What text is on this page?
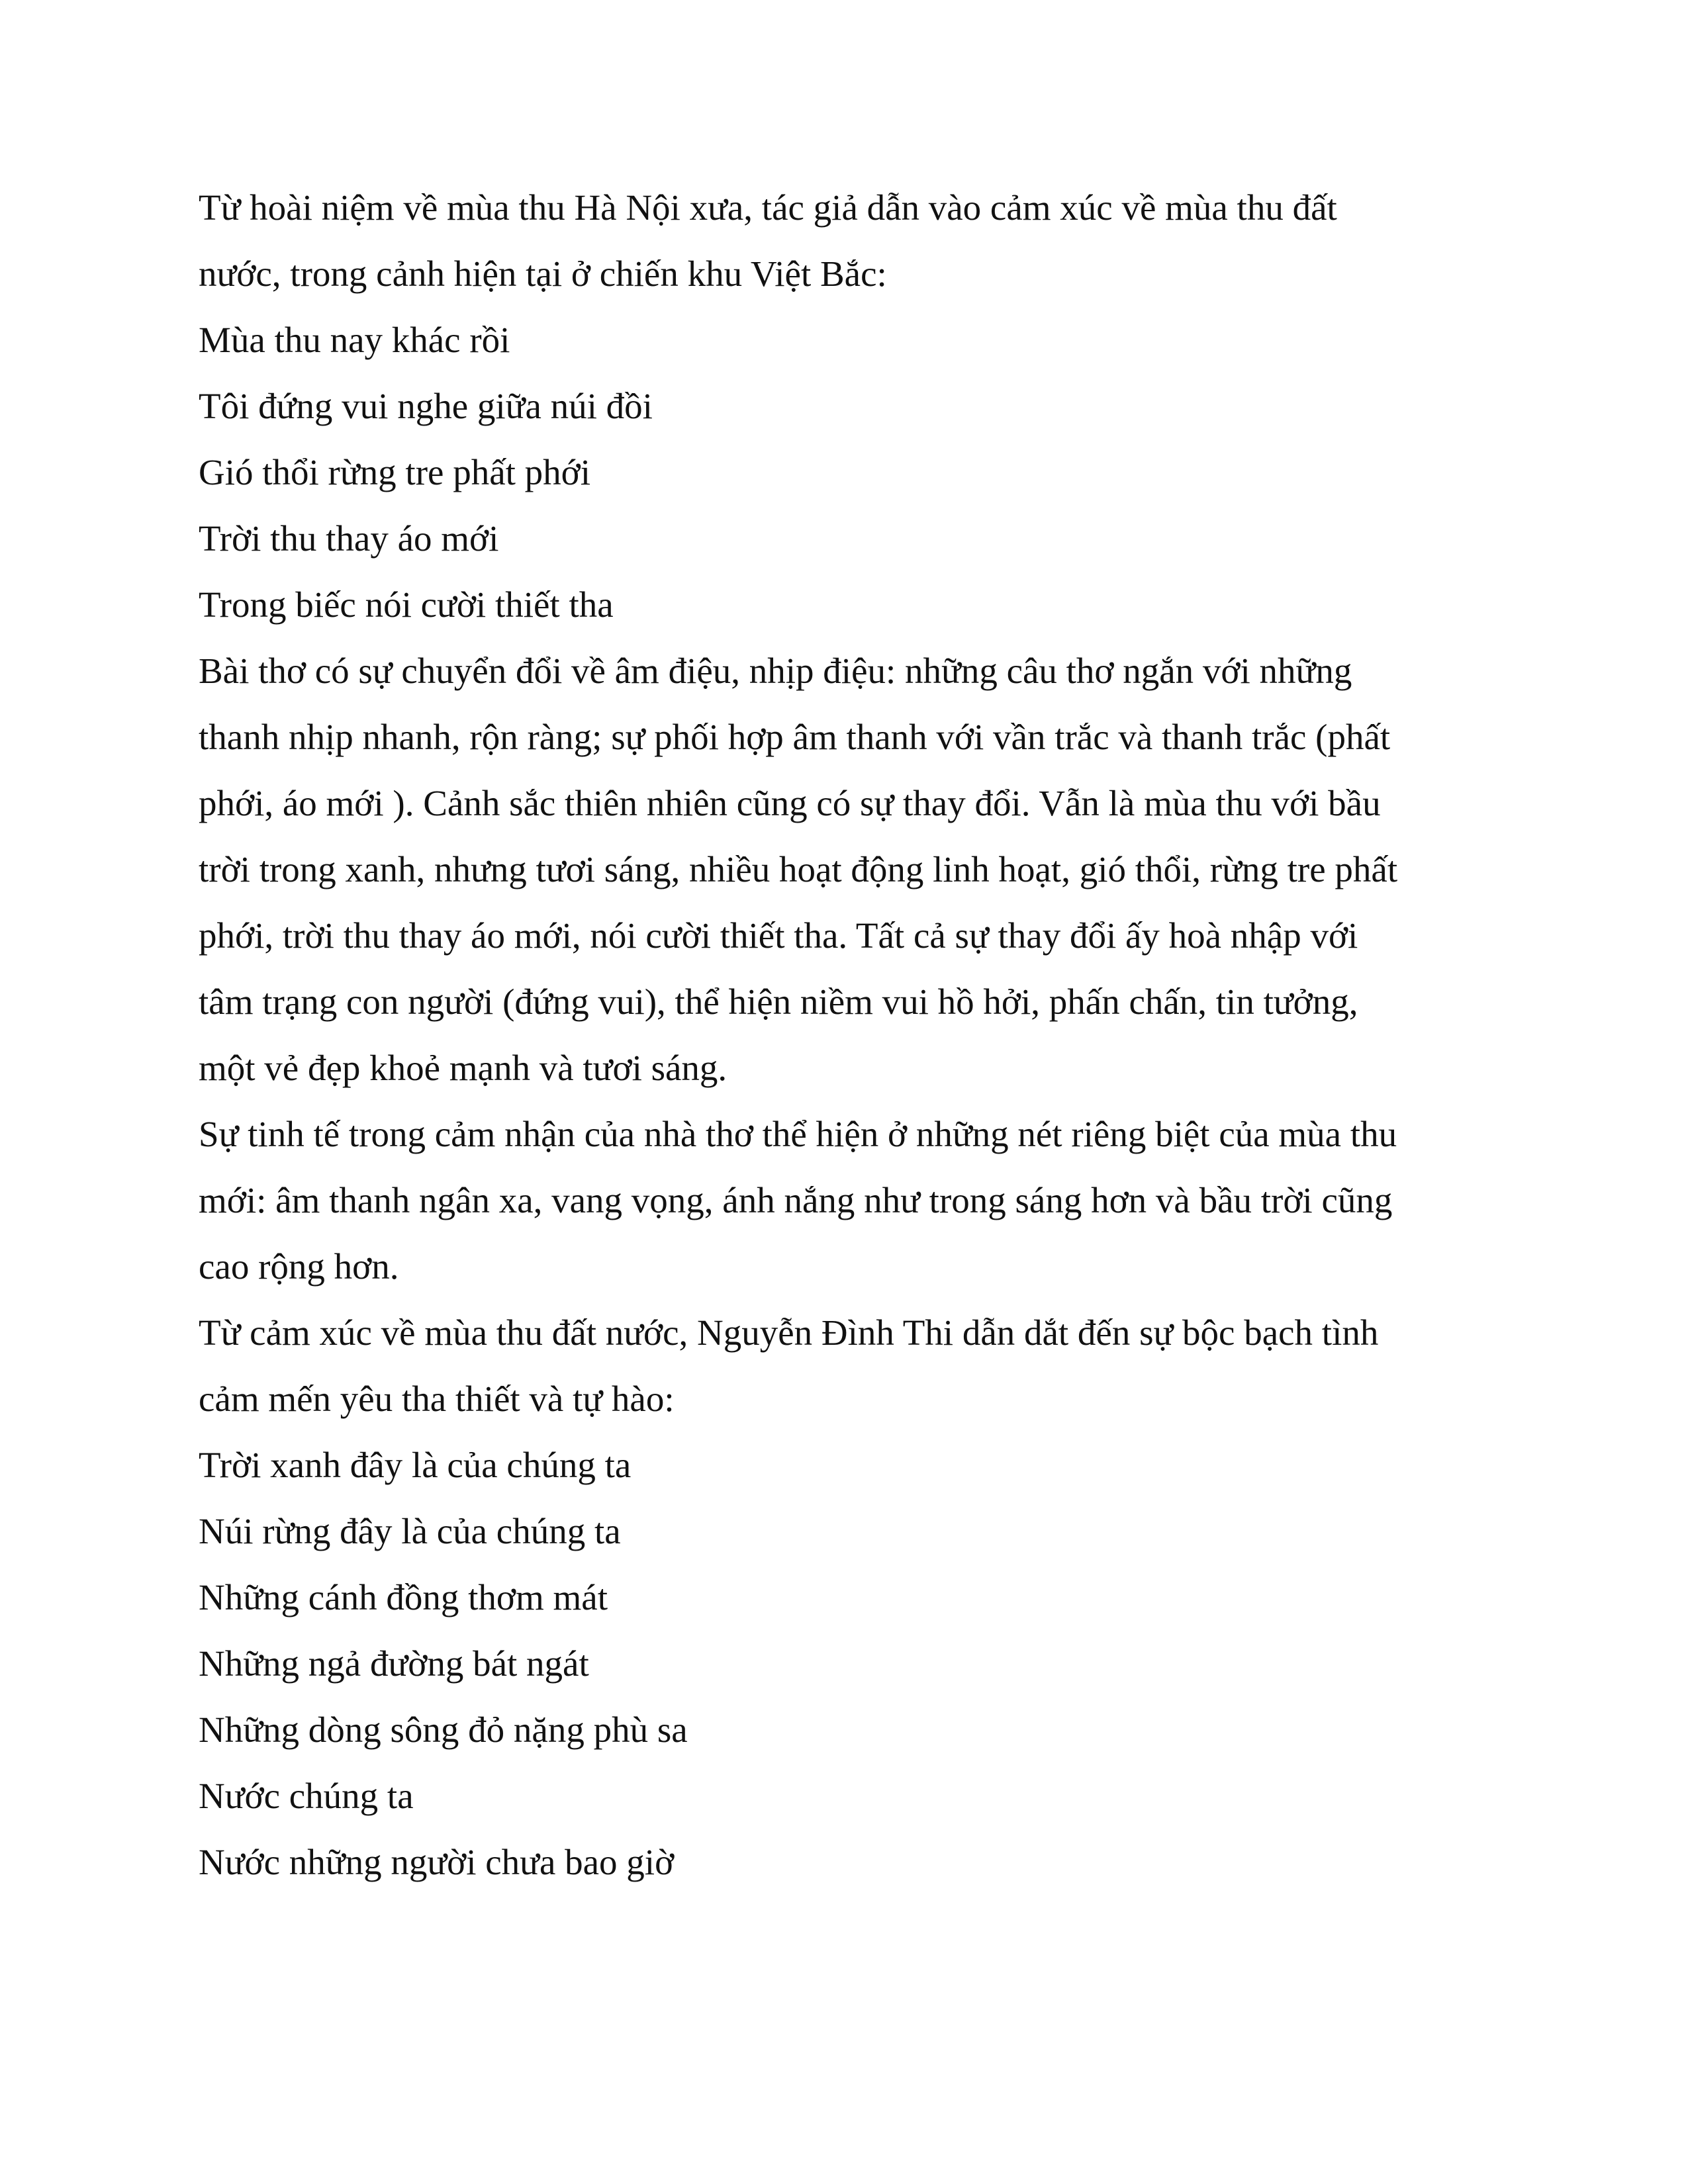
Từ hoài niệm về mùa thu Hà Nội xưa, tác giả dẫn vào cảm xúc về mùa thu đất

nước, trong cảnh hiện tại ở chiến khu Việt Bắc:

Mùa thu nay khác rồi

Tôi đứng vui nghe giữa núi đồi

Gió thổi rừng tre phất phới

Trời thu thay áo mới

Trong biếc nói cười thiết tha

Bài thơ có sự chuyển đổi về âm điệu, nhịp điệu: những câu thơ ngắn với những

thanh nhịp nhanh, rộn ràng; sự phối hợp âm thanh với vần trắc và thanh trắc (phất

phới, áo mới ). Cảnh sắc thiên nhiên cũng có sự thay đổi. Vẫn là mùa thu với bầu

trời trong xanh, nhưng tươi sáng, nhiều hoạt động linh hoạt, gió thổi, rừng tre phất

phới, trời thu thay áo mới, nói cười thiết tha. Tất cả sự thay đổi ấy hoà nhập với

tâm trạng con người (đứng vui), thể hiện niềm vui hồ hởi, phấn chấn, tin tưởng,

một vẻ đẹp khoẻ mạnh và tươi sáng.

Sự tinh tế trong cảm nhận của nhà thơ thể hiện ở những nét riêng biệt của mùa thu

mới: âm thanh ngân xa, vang vọng, ánh nắng như trong sáng hơn và bầu trời cũng

cao rộng hơn.

Từ cảm xúc về mùa thu đất nước, Nguyễn Đình Thi dẫn dắt đến sự bộc bạch tình

cảm mến yêu tha thiết và tự hào:

Trời xanh đây là của chúng ta

Núi rừng đây là của chúng ta

Những cánh đồng thơm mát

Những ngả đường bát ngát

Những dòng sông đỏ nặng phù sa

Nước chúng ta

Nước những người chưa bao giờ
